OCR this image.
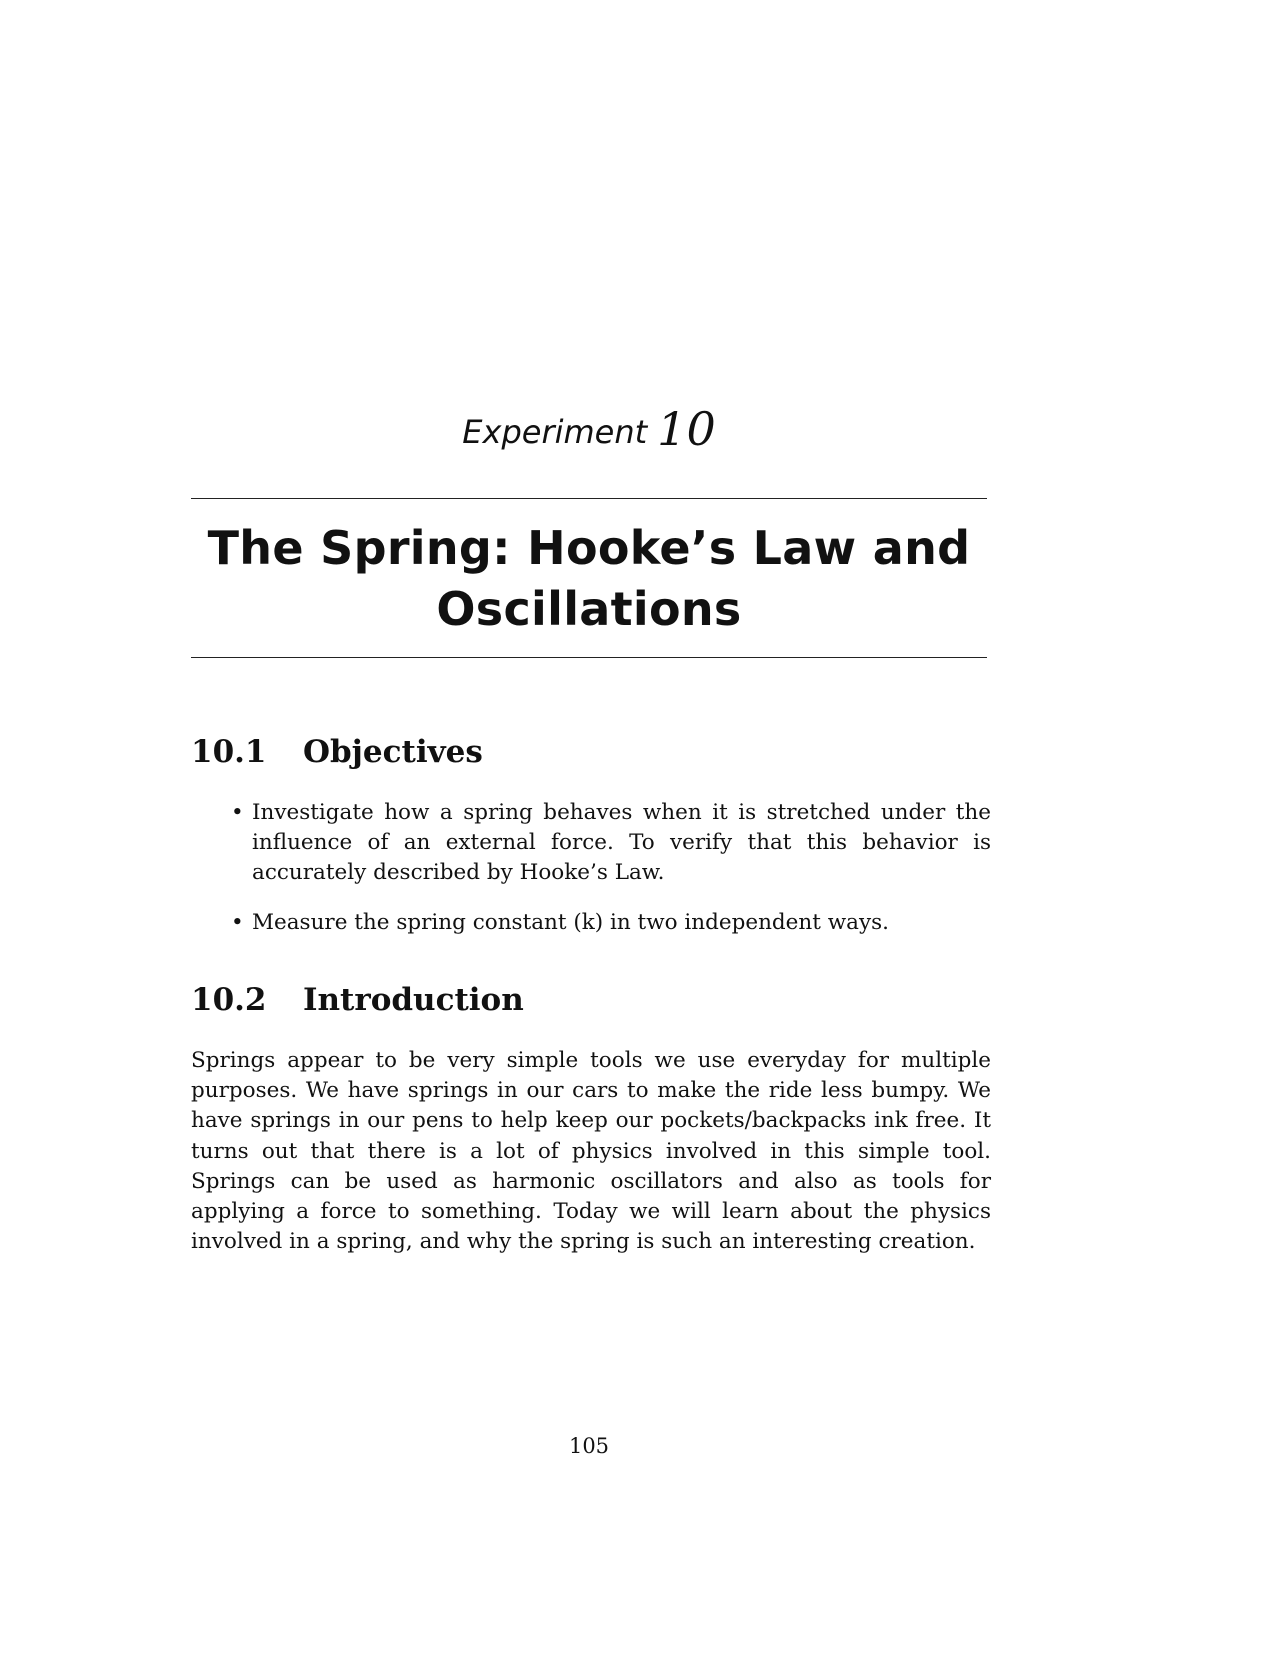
Experiment 10
The Spring: Hooke’s Law and Oscillations
10.1 Objectives
• Investigate how a spring behaves when it is stretched under the influence of an external force. To verify that this behavior is accurately described by Hooke’s Law.
• Measure the spring constant (k) in two independent ways.
10.2 Introduction

Springs appear to be very simple tools we use everyday for multiple purposes. We have springs in our cars to make the ride less bumpy. We have springs in our pens to help keep our pockets/backpacks ink free. It turns out that there is a lot of physics involved in this simple tool. Springs can be used as harmonic oscillators and also as tools for applying a force to something. Today we will learn about the physics involved in a spring, and why the spring is such an interesting creation.

105
